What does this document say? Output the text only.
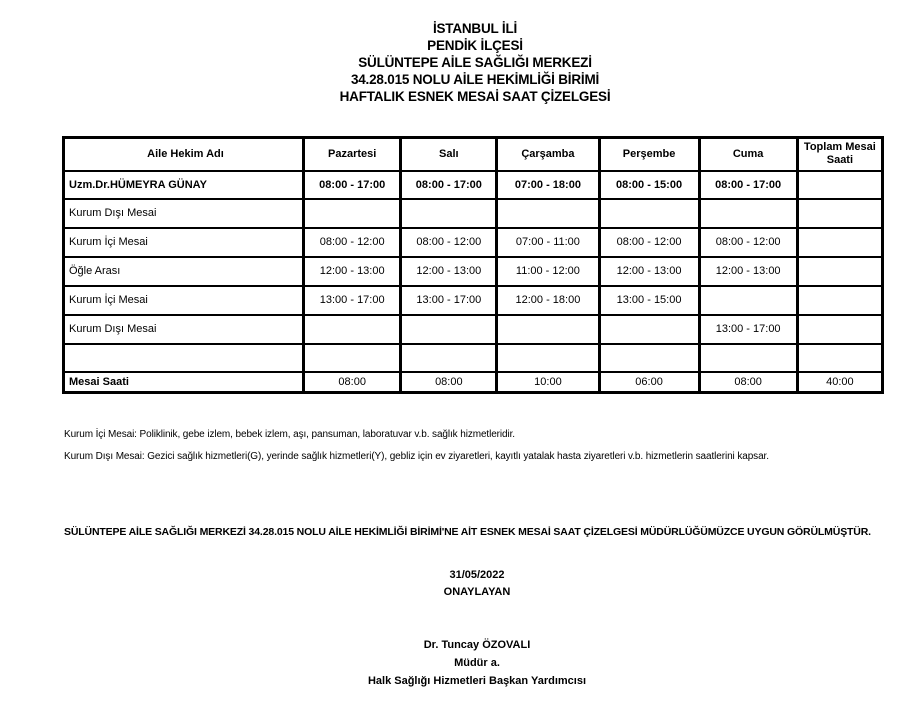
İSTANBUL İLİ
PENDİK İLÇESİ
SÜLÜNTEPE AİLE SAĞLIĞI MERKEZİ
34.28.015 NOLU AİLE HEKİMLİĞİ BİRİMİ
HAFTALIK ESNEK MESAİ SAAT ÇİZELGESİ
Aile Hekim Adı	Pazartesi	Salı	Çarşamba	Perşembe	Cuma	Toplam Mesai Saati
Uzm.Dr.HÜMEYRA GÜNAY	08:00 - 17:00	08:00 - 17:00	07:00 - 18:00	08:00 - 15:00	08:00 - 17:00	
Kurum Dışı Mesai						
Kurum İçi Mesai	08:00 - 12:00	08:00 - 12:00	07:00 - 11:00	08:00 - 12:00	08:00 - 12:00	
Öğle Arası	12:00 - 13:00	12:00 - 13:00	11:00 - 12:00	12:00 - 13:00	12:00 - 13:00	
Kurum İçi Mesai	13:00 - 17:00	13:00 - 17:00	12:00 - 18:00	13:00 - 15:00		
Kurum Dışı Mesai					13:00 - 17:00	

Mesai Saati	08:00	08:00	10:00	06:00	08:00	40:00
Kurum İçi Mesai: Poliklinik, gebe izlem, bebek izlem, aşı, pansuman, laboratuvar v.b. sağlık hizmetleridir.
Kurum Dışı Mesai: Gezici sağlık hizmetleri(G), yerinde sağlık hizmetleri(Y), gebliz için ev ziyaretleri, kayıtlı yatalak hasta ziyaretleri v.b. hizmetlerin saatlerini kapsar.
SÜLÜNTEPE AİLE SAĞLIĞI MERKEZİ 34.28.015 NOLU AİLE HEKİMLİĞİ BİRİMİ'NE AİT ESNEK MESAİ SAAT ÇİZELGESİ MÜDÜRLÜĞÜMÜZCE UYGUN GÖRÜLMÜŞTÜR.
31/05/2022
ONAYLAYAN
Dr. Tuncay ÖZOVALI
Müdür a.
Halk Sağlığı Hizmetleri Başkan Yardımcısı
